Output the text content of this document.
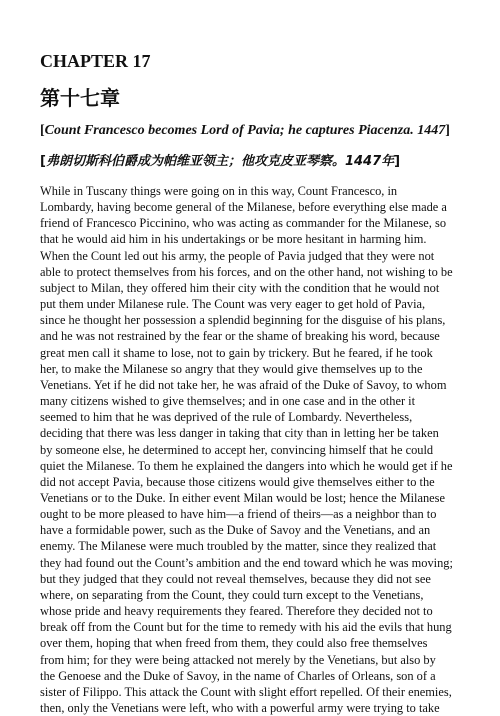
CHAPTER 17
第十七章

[Count Francesco becomes Lord of Pavia; he captures Piacenza. 1447]

[弗朗切斯科伯爵成为帕维亚领主；他攻克皮亚琴察。1447年]

While in Tuscany things were going on in this way, Count Francesco, in
Lombardy, having become general of the Milanese, before everything else made a
friend of Francesco Piccinino, who was acting as commander for the Milanese, so
that he would aid him in his undertakings or be more hesitant in harming him.
When the Count led out his army, the people of Pavia judged that they were not
able to protect themselves from his forces, and on the other hand, not wishing to be
subject to Milan, they offered him their city with the condition that he would not
put them under Milanese rule. The Count was very eager to get hold of Pavia,
since he thought her possession a splendid beginning for the disguise of his plans,
and he was not restrained by the fear or the shame of breaking his word, because
great men call it shame to lose, not to gain by trickery. But he feared, if he took
her, to make the Milanese so angry that they would give themselves up to the
Venetians. Yet if he did not take her, he was afraid of the Duke of Savoy, to whom
many citizens wished to give themselves; and in one case and in the other it
seemed to him that he was deprived of the rule of Lombardy. Nevertheless,
deciding that there was less danger in taking that city than in letting her be taken
by someone else, he determined to accept her, convincing himself that he could
quiet the Milanese. To them he explained the dangers into which he would get if he
did not accept Pavia, because those citizens would give themselves either to the
Venetians or to the Duke. In either event Milan would be lost; hence the Milanese
ought to be more pleased to have him—a friend of theirs—as a neighbor than to
have a formidable power, such as the Duke of Savoy and the Venetians, and an
enemy. The Milanese were much troubled by the matter, since they realized that
they had found out the Count’s ambition and the end toward which he was moving;
but they judged that they could not reveal themselves, because they did not see
where, on separating from the Count, they could turn except to the Venetians,
whose pride and heavy requirements they feared. Therefore they decided not to
break off from the Count but for the time to remedy with his aid the evils that hung
over them, hoping that when freed from them, they could also free themselves
from him; for they were being attacked not merely by the Venetians, but also by
the Genoese and the Duke of Savoy, in the name of Charles of Orleans, son of a
sister of Filippo. This attack the Count with slight effort repelled. Of their enemies,
then, only the Venetians were left, who with a powerful army were trying to take
